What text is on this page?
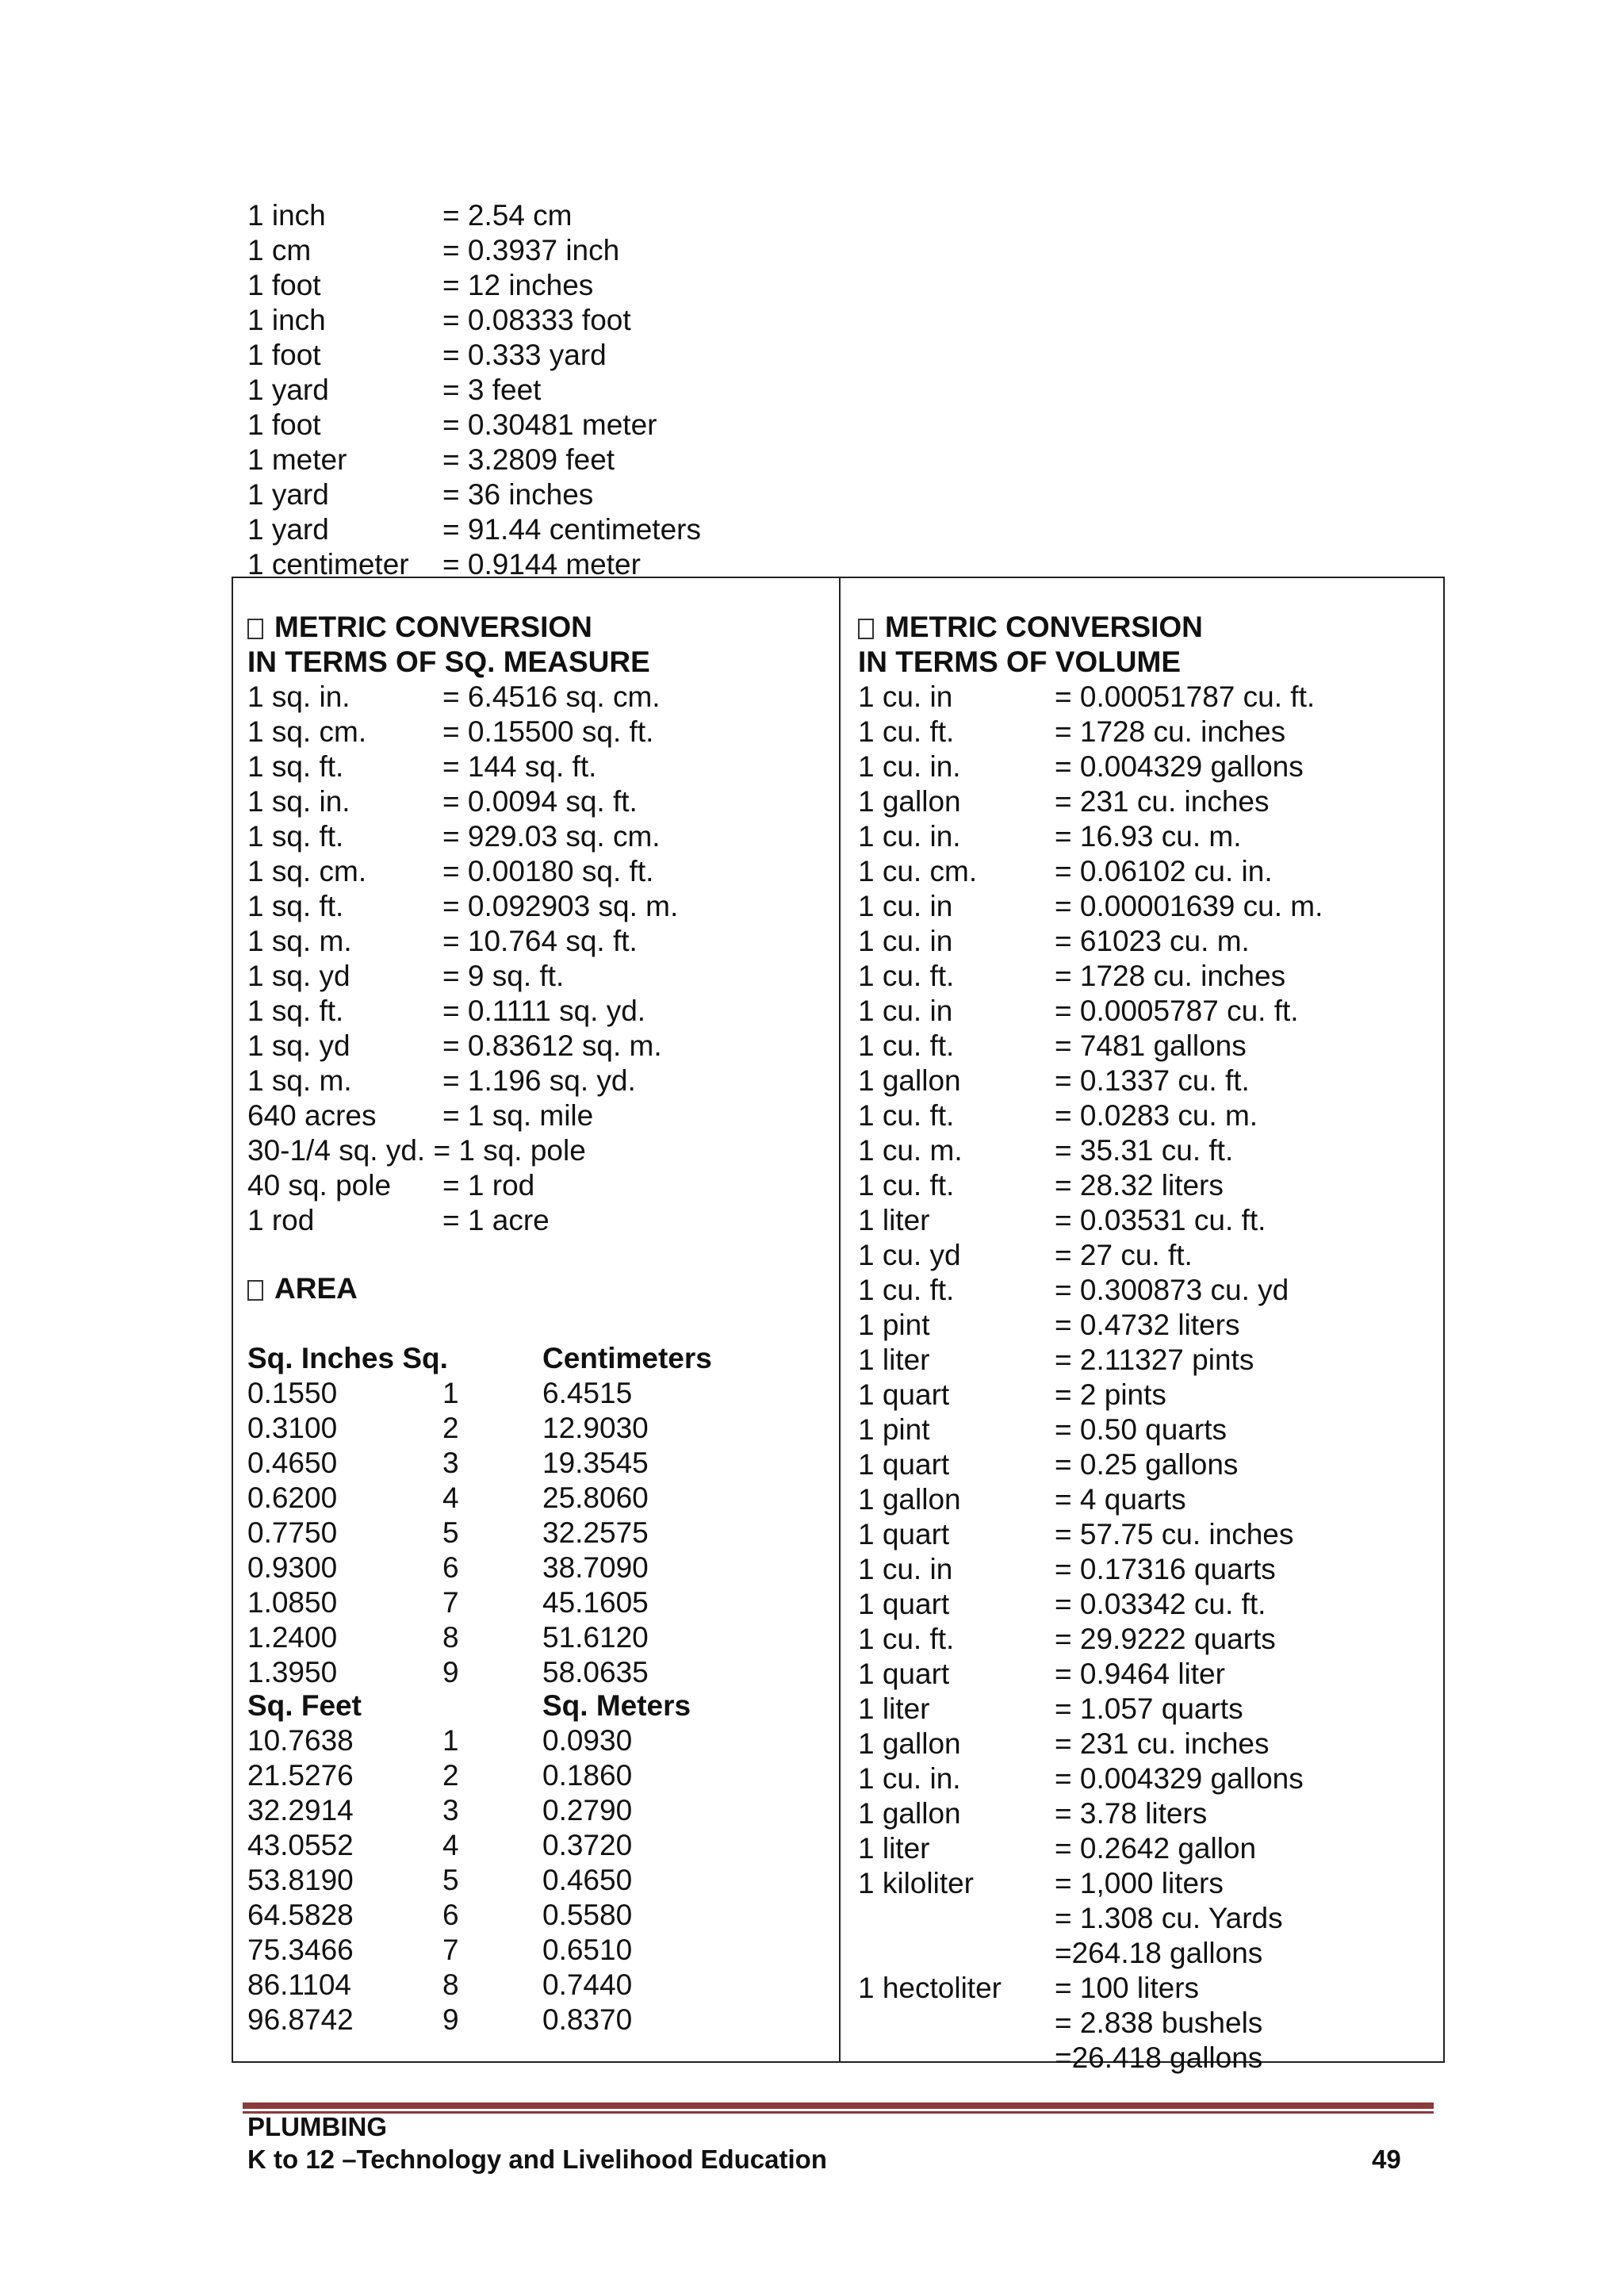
1 inch	= 2.54 cm
1 cm	= 0.3937 inch
1 foot	= 12 inches
1 inch	= 0.08333 foot
1 foot	= 0.333 yard
1 yard	= 3 feet
1 foot	= 0.30481 meter
1 meter	= 3.2809 feet
1 yard	= 36 inches
1 yard	= 91.44 centimeters
1 centimeter = 0.9144 meter
METRIC CONVERSION
IN TERMS OF SQ. MEASURE
1 sq. in.	= 6.4516 sq. cm.
1 sq. cm.	= 0.15500 sq. ft.
1 sq. ft.	= 144 sq. ft.
1 sq. in.	= 0.0094 sq. ft.
1 sq. ft.	= 929.03 sq. cm.
1 sq. cm.	= 0.00180 sq. ft.
1 sq. ft.	= 0.092903 sq. m.
1 sq. m.	= 10.764 sq. ft.
1 sq. yd	= 9 sq. ft.
1 sq. ft.	= 0.1111 sq. yd.
1 sq. yd	= 0.83612 sq. m.
1 sq. m.	= 1.196 sq. yd.
640 acres = 1 sq. mile
30-1/4 sq. yd. = 1 sq. pole
40 sq. pole = 1 rod
1 rod	= 1 acre
AREA
Sq. Inches Sq.	Centimeters
0.1550	1	6.4515
0.3100	2	12.9030
0.4650	3	19.3545
0.6200	4	25.8060
0.7750	5	32.2575
0.9300	6	38.7090
1.0850	7	45.1605
1.2400	8	51.6120
1.3950	9	58.0635
Sq. Feet	Sq. Meters
10.7638	1	0.0930
21.5276	2	0.1860
32.2914	3	0.2790
43.0552	4	0.3720
53.8190	5	0.4650
64.5828	6	0.5580
75.3466	7	0.6510
86.1104	8	0.7440
96.8742	9	0.8370
METRIC CONVERSION
IN TERMS OF VOLUME
1 cu. in	= 0.00051787 cu. ft.
1 cu. ft.	= 1728 cu. inches
1 cu. in.	= 0.004329 gallons
1 gallon	= 231 cu. inches
1 cu. in.	= 16.93 cu. m.
1 cu. cm.	= 0.06102 cu. in.
1 cu. in	= 0.00001639 cu. m.
1 cu. in	= 61023 cu. m.
1 cu. ft.	= 1728 cu. inches
1 cu. in	= 0.0005787 cu. ft.
1 cu. ft.	= 7481 gallons
1 gallon	= 0.1337 cu. ft.
1 cu. ft.	= 0.0283 cu. m.
1 cu. m.	= 35.31 cu. ft.
1 cu. ft.	= 28.32 liters
1 liter	= 0.03531 cu. ft.
1 cu. yd	= 27 cu. ft.
1 cu. ft.	= 0.300873 cu. yd
1 pint	= 0.4732 liters
1 liter	= 2.11327 pints
1 quart	= 2 pints
1 pint	= 0.50 quarts
1 quart	= 0.25 gallons
1 gallon	= 4 quarts
1 quart	= 57.75 cu. inches
1 cu. in	= 0.17316 quarts
1 quart	= 0.03342 cu. ft.
1 cu. ft.	= 29.9222 quarts
1 quart	= 0.9464 liter
1 liter	= 1.057 quarts
1 gallon	= 231 cu. inches
1 cu. in.	= 0.004329 gallons
1 gallon	= 3.78 liters
1 liter	= 0.2642 gallon
1 kiloliter	= 1,000 liters
= 1.308 cu. Yards
=264.18 gallons
1 hectoliter = 100 liters
= 2.838 bushels
=26.418 gallons
PLUMBING
K to 12 –Technology and Livelihood Education	49
